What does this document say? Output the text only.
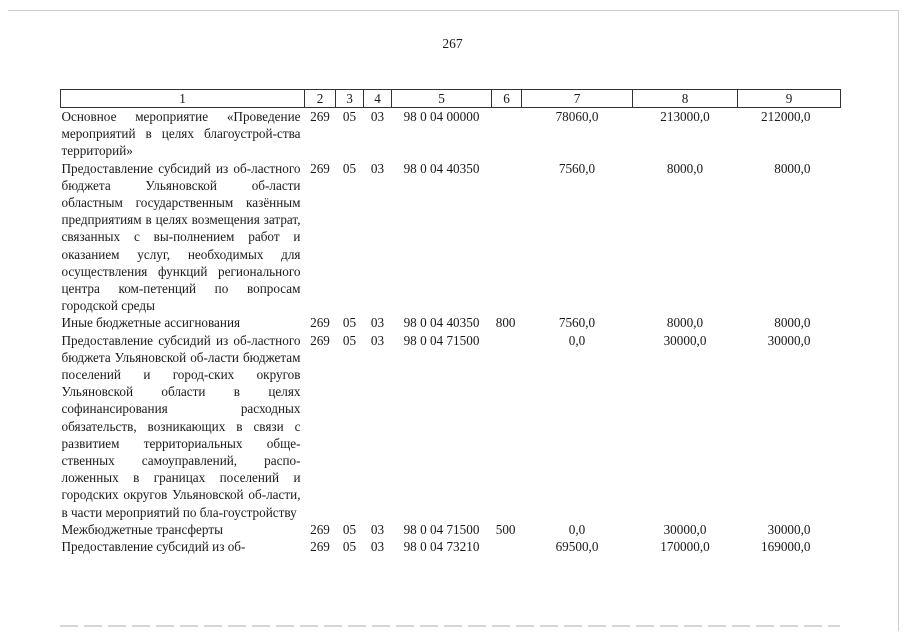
267
1	2	3	4	5	6	7	8	9
Основное мероприятие «Проведение мероприятий в целях благоустрой-ства территорий»	269	05	03	98 0 04 00000		78060,0	213000,0	212000,0
Предоставление субсидий из об-ластного бюджета Ульяновской об-ласти областным государственным казённым предприятиям в целях возмещения затрат, связанных с вы-полнением работ и оказанием услуг, необходимых для осуществления функций регионального центра ком-петенций по вопросам городской среды	269	05	03	98 0 04 40350		7560,0	8000,0	8000,0
Иные бюджетные ассигнования	269	05	03	98 0 04 40350	800	7560,0	8000,0	8000,0
Предоставление субсидий из об-ластного бюджета Ульяновской об-ласти бюджетам поселений и город-ских округов Ульяновской области в целях софинансирования расходных обязательств, возникающих в связи с развитием территориальных обще-ственных самоуправлений, распо-ложенных в границах поселений и городских округов Ульяновской об-ласти, в части мероприятий по бла-гоустройству	269	05	03	98 0 04 71500		0,0	30000,0	30000,0
Межбюджетные трансферты	269	05	03	98 0 04 71500	500	0,0	30000,0	30000,0
Предоставление субсидий из об-	269	05	03	98 0 04 73210		69500,0	170000,0	169000,0
